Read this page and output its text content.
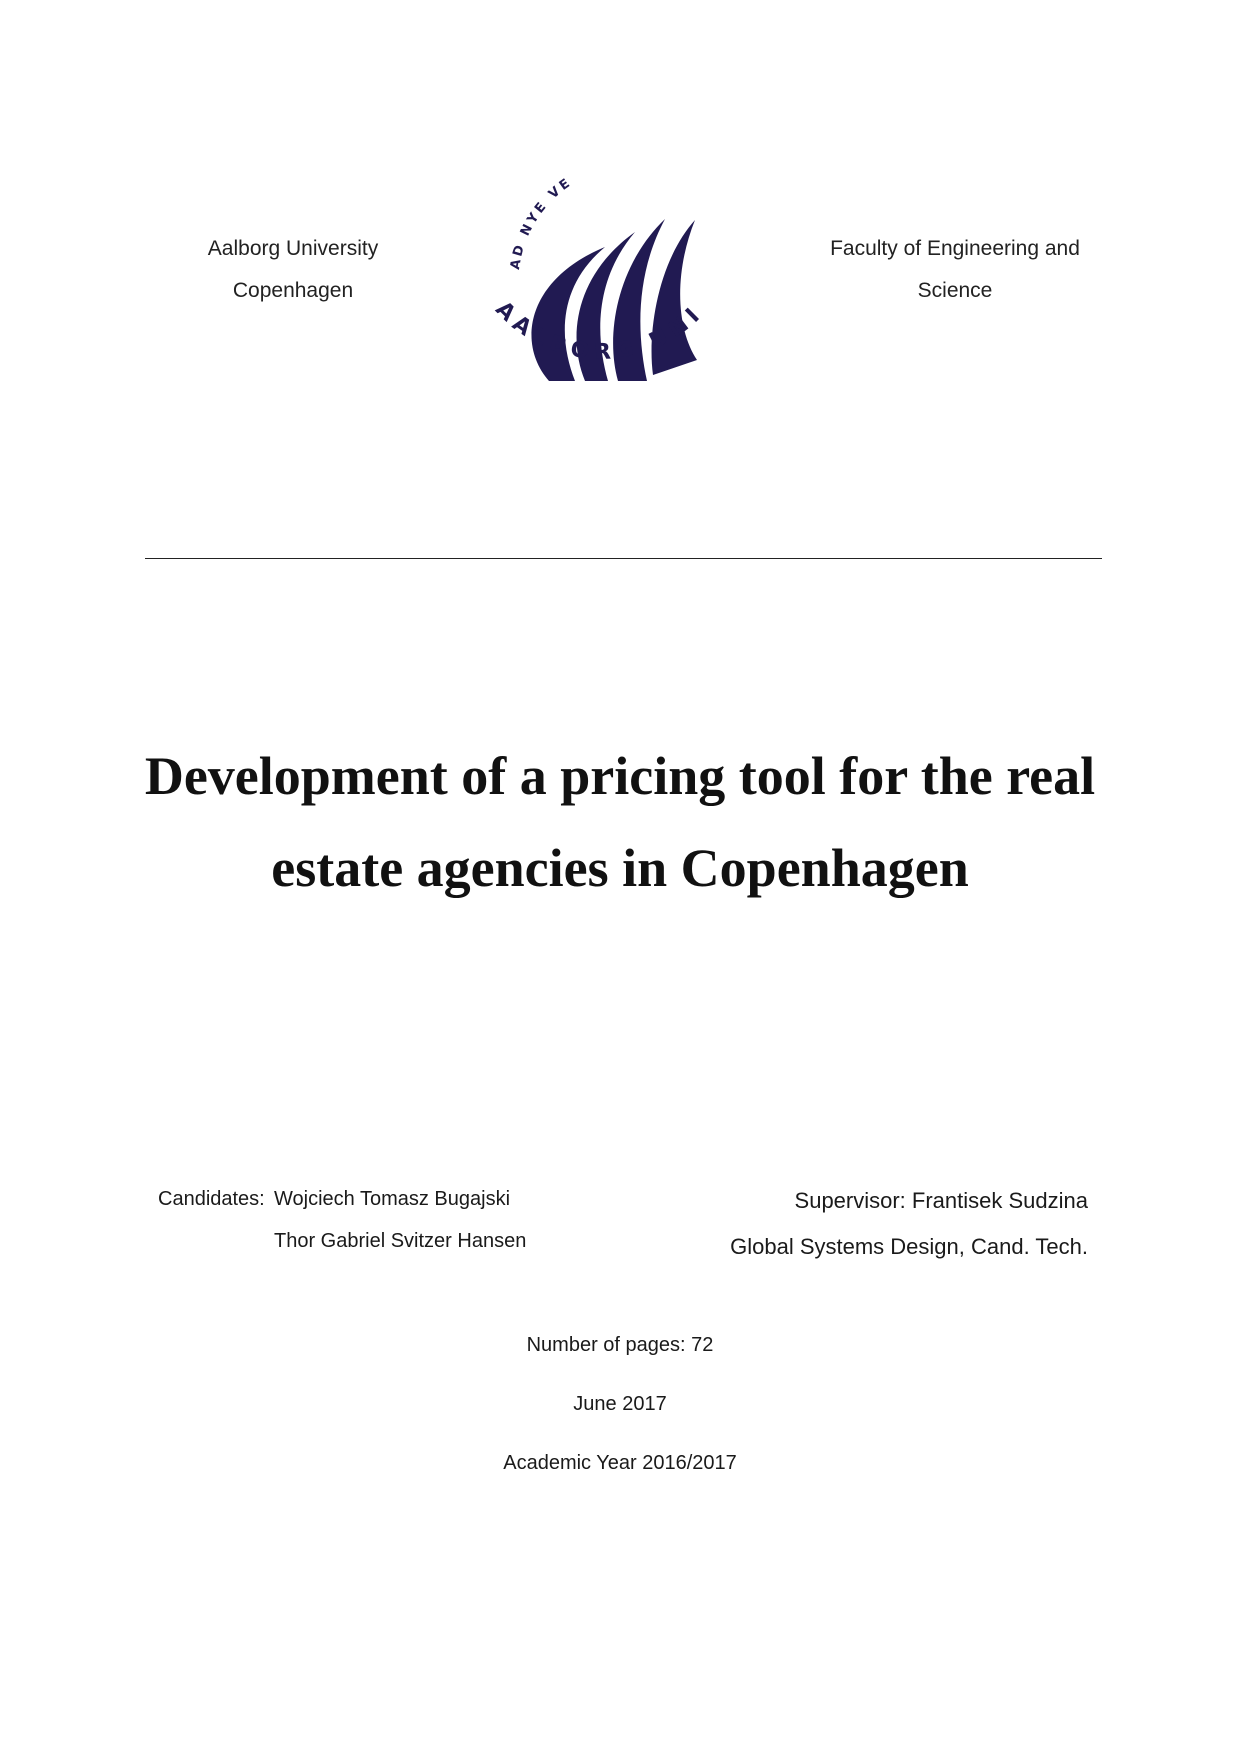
Aalborg University
Copenhagen
AD NYE VE
AALBORG UNI
Faculty of Engineering and
Science
Development of a pricing tool for the real
estate agencies in Copenhagen
Candidates: Wojciech Tomasz Bugajski
Thor Gabriel Svitzer Hansen
Supervisor: Frantisek Sudzina
Global Systems Design, Cand. Tech.
Number of pages: 72
June 2017
Academic Year 2016/2017
